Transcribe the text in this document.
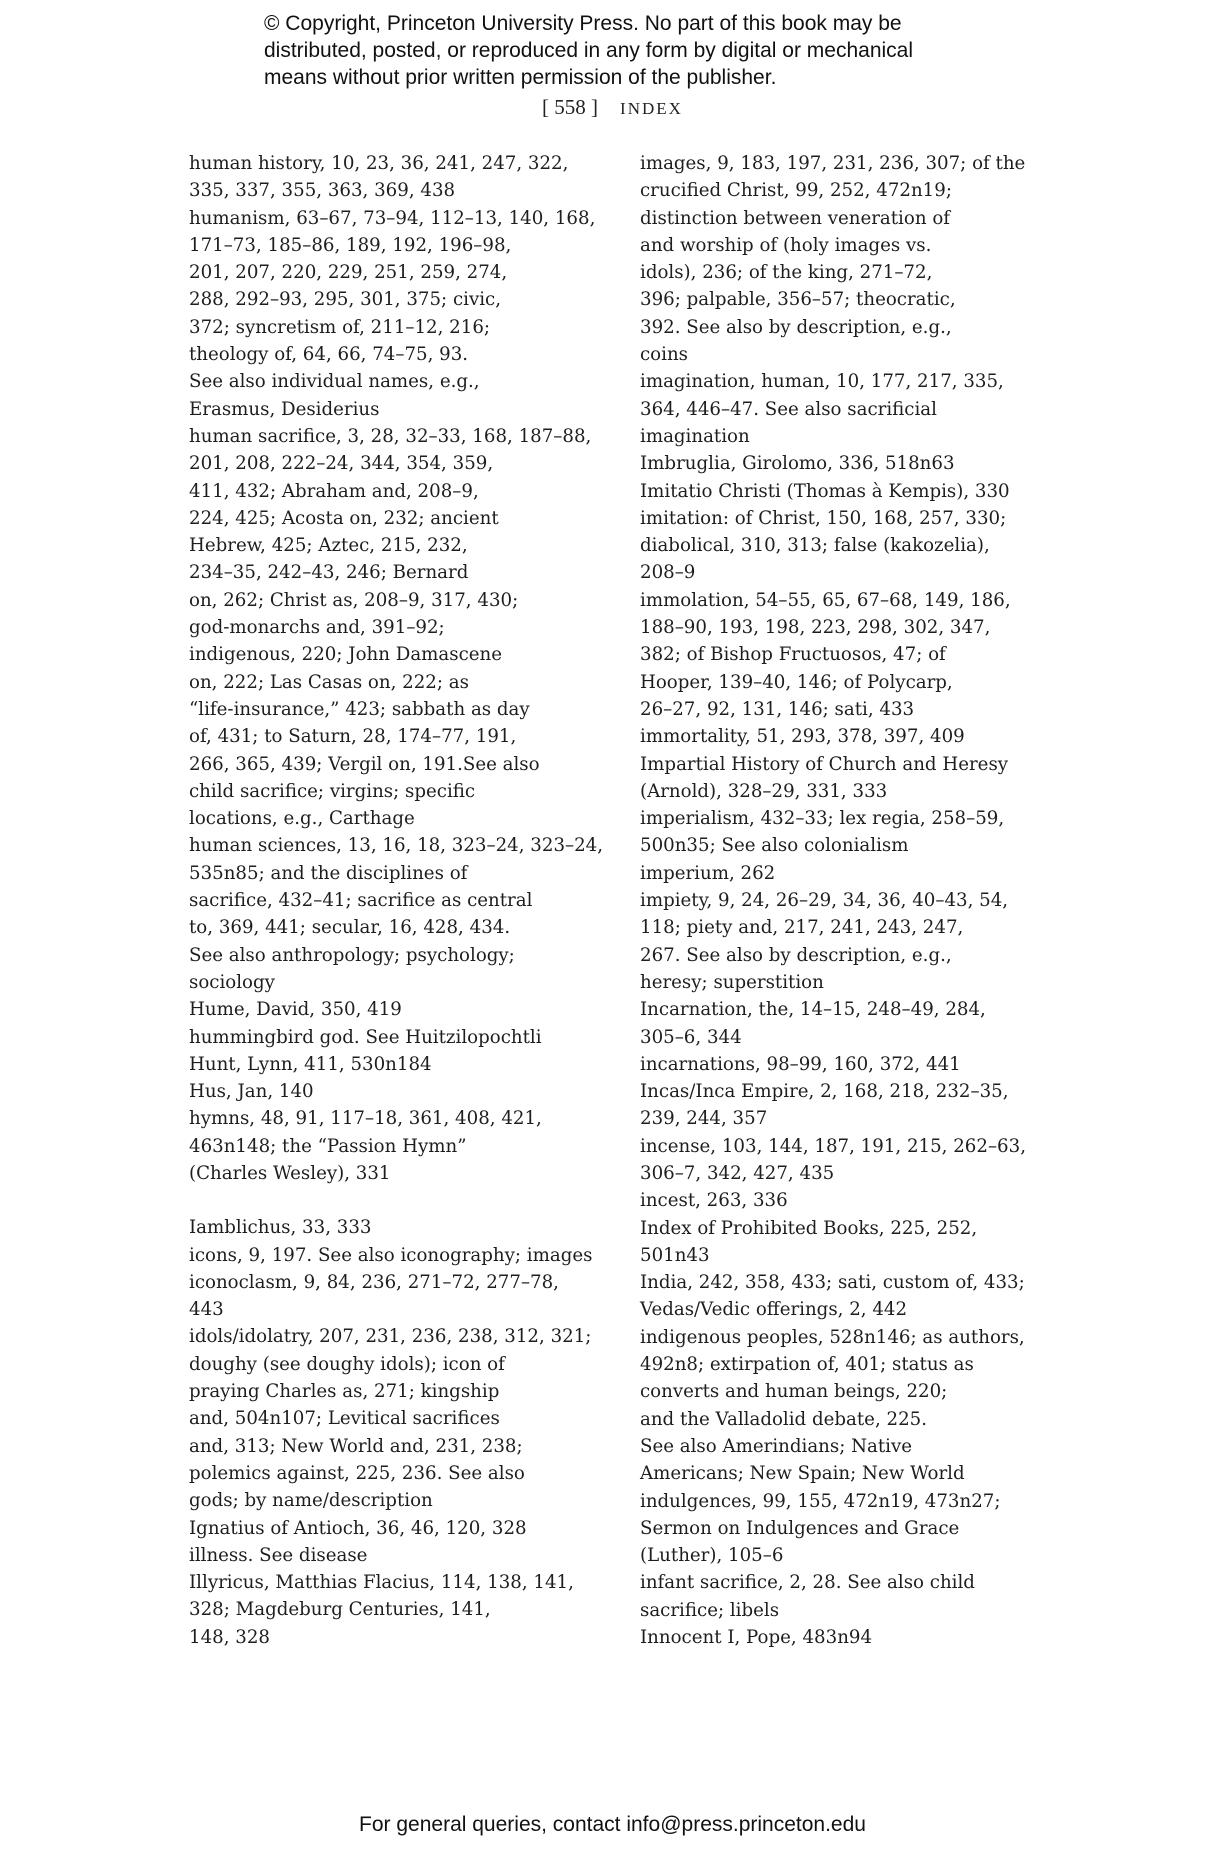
© Copyright, Princeton University Press. No part of this book may be
distributed, posted, or reproduced in any form by digital or mechanical
means without prior written permission of the publisher.
[ 558 ] INDEX
human history, 10, 23, 36, 241, 247, 322,
335, 337, 355, 363, 369, 438
humanism, 63–67, 73–94, 112–13, 140, 168,
171–73, 185–86, 189, 192, 196–98,
201, 207, 220, 229, 251, 259, 274,
288, 292–93, 295, 301, 375; civic,
372; syncretism of, 211–12, 216;
theology of, 64, 66, 74–75, 93.
See also individual names, e.g.,
Erasmus, Desiderius
human sacrifice, 3, 28, 32–33, 168, 187–88,
201, 208, 222–24, 344, 354, 359,
411, 432; Abraham and, 208–9,
224, 425; Acosta on, 232; ancient
Hebrew, 425; Aztec, 215, 232,
234–35, 242–43, 246; Bernard
on, 262; Christ as, 208–9, 317, 430;
god-monarchs and, 391–92;
indigenous, 220; John Damascene
on, 222; Las Casas on, 222; as
“life-insurance,” 423; sabbath as day
of, 431; to Saturn, 28, 174–77, 191,
266, 365, 439; Vergil on, 191.See also
child sacrifice; virgins; specific
locations, e.g., Carthage
human sciences, 13, 16, 18, 323–24, 323–24,
535n85; and the disciplines of
sacrifice, 432–41; sacrifice as central
to, 369, 441; secular, 16, 428, 434.
See also anthropology; psychology;
sociology
Hume, David, 350, 419
hummingbird god. See Huitzilopochtli
Hunt, Lynn, 411, 530n184
Hus, Jan, 140
hymns, 48, 91, 117–18, 361, 408, 421,
463n148; the “Passion Hymn”
(Charles Wesley), 331
Iamblichus, 33, 333
icons, 9, 197. See also iconography; images
iconoclasm, 9, 84, 236, 271–72, 277–78,
443
idols/idolatry, 207, 231, 236, 238, 312, 321;
doughy (see doughy idols); icon of
praying Charles as, 271; kingship
and, 504n107; Levitical sacrifices
and, 313; New World and, 231, 238;
polemics against, 225, 236. See also
gods; by name/description
Ignatius of Antioch, 36, 46, 120, 328
illness. See disease
Illyricus, Matthias Flacius, 114, 138, 141,
328; Magdeburg Centuries, 141,
148, 328
images, 9, 183, 197, 231, 236, 307; of the
crucified Christ, 99, 252, 472n19;
distinction between veneration of
and worship of (holy images vs.
idols), 236; of the king, 271–72,
396; palpable, 356–57; theocratic,
392. See also by description, e.g.,
coins
imagination, human, 10, 177, 217, 335,
364, 446–47. See also sacrificial
imagination
Imbruglia, Girolomo, 336, 518n63
Imitatio Christi (Thomas à Kempis), 330
imitation: of Christ, 150, 168, 257, 330;
diabolical, 310, 313; false (kakozelia),
208–9
immolation, 54–55, 65, 67–68, 149, 186,
188–90, 193, 198, 223, 298, 302, 347,
382; of Bishop Fructuosos, 47; of
Hooper, 139–40, 146; of Polycarp,
26–27, 92, 131, 146; sati, 433
immortality, 51, 293, 378, 397, 409
Impartial History of Church and Heresy
(Arnold), 328–29, 331, 333
imperialism, 432–33; lex regia, 258–59,
500n35; See also colonialism
imperium, 262
impiety, 9, 24, 26–29, 34, 36, 40–43, 54,
118; piety and, 217, 241, 243, 247,
267. See also by description, e.g.,
heresy; superstition
Incarnation, the, 14–15, 248–49, 284,
305–6, 344
incarnations, 98–99, 160, 372, 441
Incas/Inca Empire, 2, 168, 218, 232–35,
239, 244, 357
incense, 103, 144, 187, 191, 215, 262–63,
306–7, 342, 427, 435
incest, 263, 336
Index of Prohibited Books, 225, 252,
501n43
India, 242, 358, 433; sati, custom of, 433;
Vedas/Vedic offerings, 2, 442
indigenous peoples, 528n146; as authors,
492n8; extirpation of, 401; status as
converts and human beings, 220;
and the Valladolid debate, 225.
See also Amerindians; Native
Americans; New Spain; New World
indulgences, 99, 155, 472n19, 473n27;
Sermon on Indulgences and Grace
(Luther), 105–6
infant sacrifice, 2, 28. See also child
sacrifice; libels
Innocent I, Pope, 483n94
For general queries, contact info@press.princeton.edu
